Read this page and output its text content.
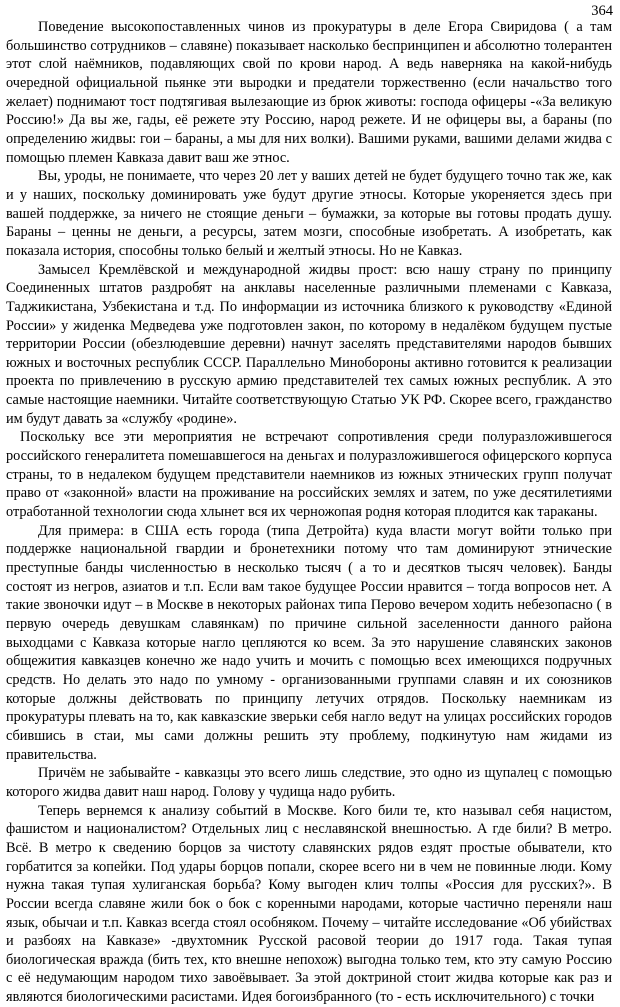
364

Поведение высокопоставленных чинов из прокуратуры в деле Егора Свиридова ( а там большинство сотрудников – славяне) показывает насколько беспринципен и абсолютно толерантен этот слой наёмников, подавляющих свой по крови народ. А ведь наверняка на какой-нибудь очередной официальной пьянке эти выродки и предатели торжественно (если начальство того желает) поднимают тост подтягивая вылезающие из брюк животы: господа офицеры -«За великую Россию!» Да вы же, гады, её режете эту Россию, народ режете. И не офицеры вы, а бараны (по определению жидвы: гои – бараны, а мы для них волки). Вашими руками, вашими делами жидва с помощью племен Кавказа давит ваш же этнос.

Вы, уроды, не понимаете, что через 20 лет у ваших детей не будет будущего точно так же, как и у наших, поскольку доминировать уже будут другие этносы. Которые укореняется здесь при вашей поддержке, за ничего не стоящие деньги – бумажки, за которые вы готовы продать душу. Бараны – ценны не деньги, а ресурсы, затем мозги, способные изобретать. А изобретать, как показала история, способны только белый и желтый этносы. Но не Кавказ.

Замысел Кремлёвской и международной жидвы прост: всю нашу страну по принципу Соединенных штатов раздробят на анклавы населенные различными племенами с Кавказа, Таджикистана, Узбекистана и т.д. По информации из источника близкого к руководству «Единой России» у жиденка Медведева уже подготовлен закон, по которому в недалёком будущем пустые территории России (обезлюдевшие деревни) начнут заселять представителями народов бывших южных и восточных республик СССР. Параллельно Минобороны активно готовится к реализации проекта по привлечению в русскую армию представителей тех самых южных республик. А это самые настоящие наемники. Читайте соответствующую Статью УК РФ. Скорее всего, гражданство им будут давать за «службу «родине».

Поскольку все эти мероприятия не встречают сопротивления среди полуразложившегося российского генералитета помешавшегося на деньгах и полуразложившегося офицерского корпуса страны, то в недалеком будущем представители наемников из южных этнических групп получат право от «законной» власти на проживание на российских землях и затем, по уже десятилетиями отработанной технологии сюда хлынет вся их черножопая родня которая плодится как тараканы.

Для примера: в США есть города (типа Детройта) куда власти могут войти только при поддержке национальной гвардии и бронетехники потому что там доминируют этнические преступные банды численностью в несколько тысяч ( а то и десятков тысяч человек). Банды состоят из негров, азиатов и т.п. Если вам такое будущее России нравится – тогда вопросов нет. А такие звоночки идут – в Москве в некоторых районах типа Перово вечером ходить небезопасно ( в первую очередь девушкам славянкам) по причине сильной заселенности данного района выходцами с Кавказа которые нагло цепляются ко всем. За это нарушение славянских законов общежития кавказцев конечно же надо учить и мочить с помощью всех имеющихся подручных средств. Но делать это надо по умному - организованными группами славян и их союзников которые должны действовать по принципу летучих отрядов. Поскольку наемникам из прокуратуры плевать на то, как кавказские зверьки себя нагло ведут на улицах российских городов сбившись в стаи, мы сами должны решить эту проблему, подкинутую нам жидами из правительства.

Причём не забывайте - кавказцы это всего лишь следствие, это одно из щупалец с помощью которого жидва давит наш народ. Голову у чудища надо рубить.

Теперь вернемся к анализу событий в Москве. Кого били те, кто называл себя нацистом, фашистом и националистом? Отдельных лиц с неславянской внешностью. А где били? В метро. Всё. В метро к сведению борцов за чистоту славянских рядов ездят простые обыватели, кто горбатится за копейки. Под удары борцов попали, скорее всего ни в чем не повинные люди. Кому нужна такая тупая хулиганская борьба? Кому выгоден клич толпы «Россия для русских?». В России всегда славяне жили бок о бок с коренными народами, которые частично переняли наш язык, обычаи и т.п. Кавказ всегда стоял особняком. Почему – читайте исследование «Об убийствах и разбоях на Кавказе» -двухтомник Русской расовой теории до 1917 года. Такая тупая биологическая вражда (бить тех, кто внешне непохож) выгодна только тем, кто эту самую Россию с её недумающим народом тихо завоёвывает. За этой доктриной стоит жидва которые как раз и являются биологическими расистами. Идея богоизбранного (то - есть исключительного) с точки
